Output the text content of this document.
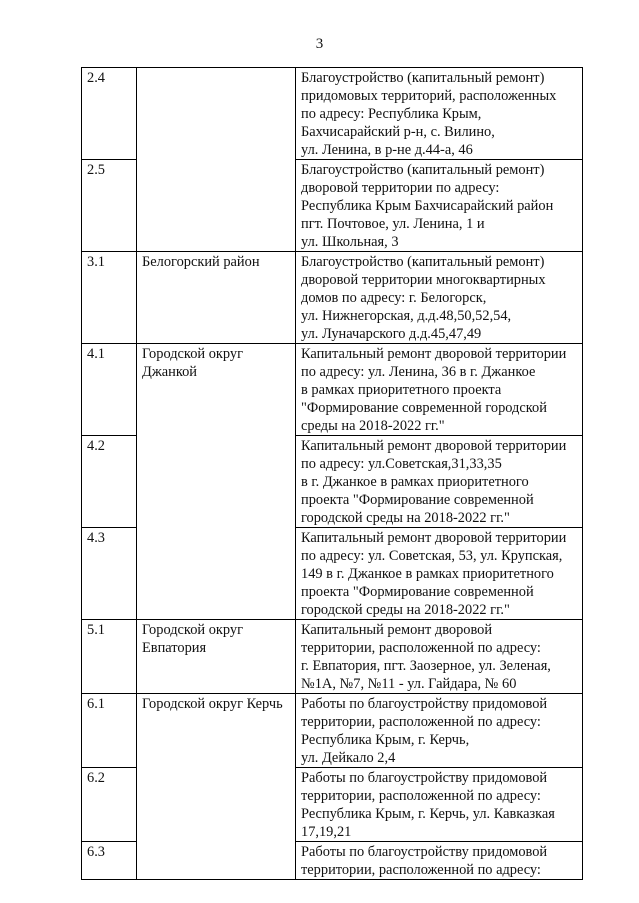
3
2.4		Благоустройство (капитальный ремонт)
придомовых территорий, расположенных
по адресу: Республика Крым,
Бахчисарайский р-н, с. Вилино,
ул. Ленина, в р-не д.44-а, 46

2.5		Благоустройство (капитальный ремонт)
дворовой территории по адресу:
Республика Крым Бахчисарайский район
пгт. Почтовое, ул. Ленина, 1 и
ул. Школьная, 3

3.1	Белогорский район	Благоустройство (капитальный ремонт)
дворовой территории многоквартирных
домов по адресу: г. Белогорск,
ул. Нижнегорская, д.д.48,50,52,54,
ул. Луначарского д.д.45,47,49

4.1	Городской округ Джанкой	Капитальный ремонт дворовой территории
по адресу: ул. Ленина, 36 в г. Джанкое
в рамках приоритетного проекта
"Формирование современной городской
среды на 2018-2022 гг."

4.2		Капитальный ремонт дворовой территории
по адресу: ул.Советская,31,33,35
в г. Джанкое в рамках приоритетного
проекта "Формирование современной
городской среды на 2018-2022 гг."

4.3		Капитальный ремонт дворовой территории
по адресу: ул. Советская, 53, ул. Крупская,
149 в г. Джанкое в рамках приоритетного
проекта "Формирование современной
городской среды на 2018-2022 гг."

5.1	Городской округ Евпатория	Капитальный ремонт дворовой
территории, расположенной по адресу:
г. Евпатория, пгт. Заозерное, ул. Зеленая,
№1А, №7, №11 - ул. Гайдара, № 60

6.1	Городской округ Керчь	Работы по благоустройству придомовой
территории, расположенной по адресу:
Республика Крым, г. Керчь,
ул. Дейкало 2,4

6.2		Работы по благоустройству придомовой
территории, расположенной по адресу:
Республика Крым, г. Керчь, ул. Кавказкая
17,19,21

6.3		Работы по благоустройству придомовой
территории, расположенной по адресу:
